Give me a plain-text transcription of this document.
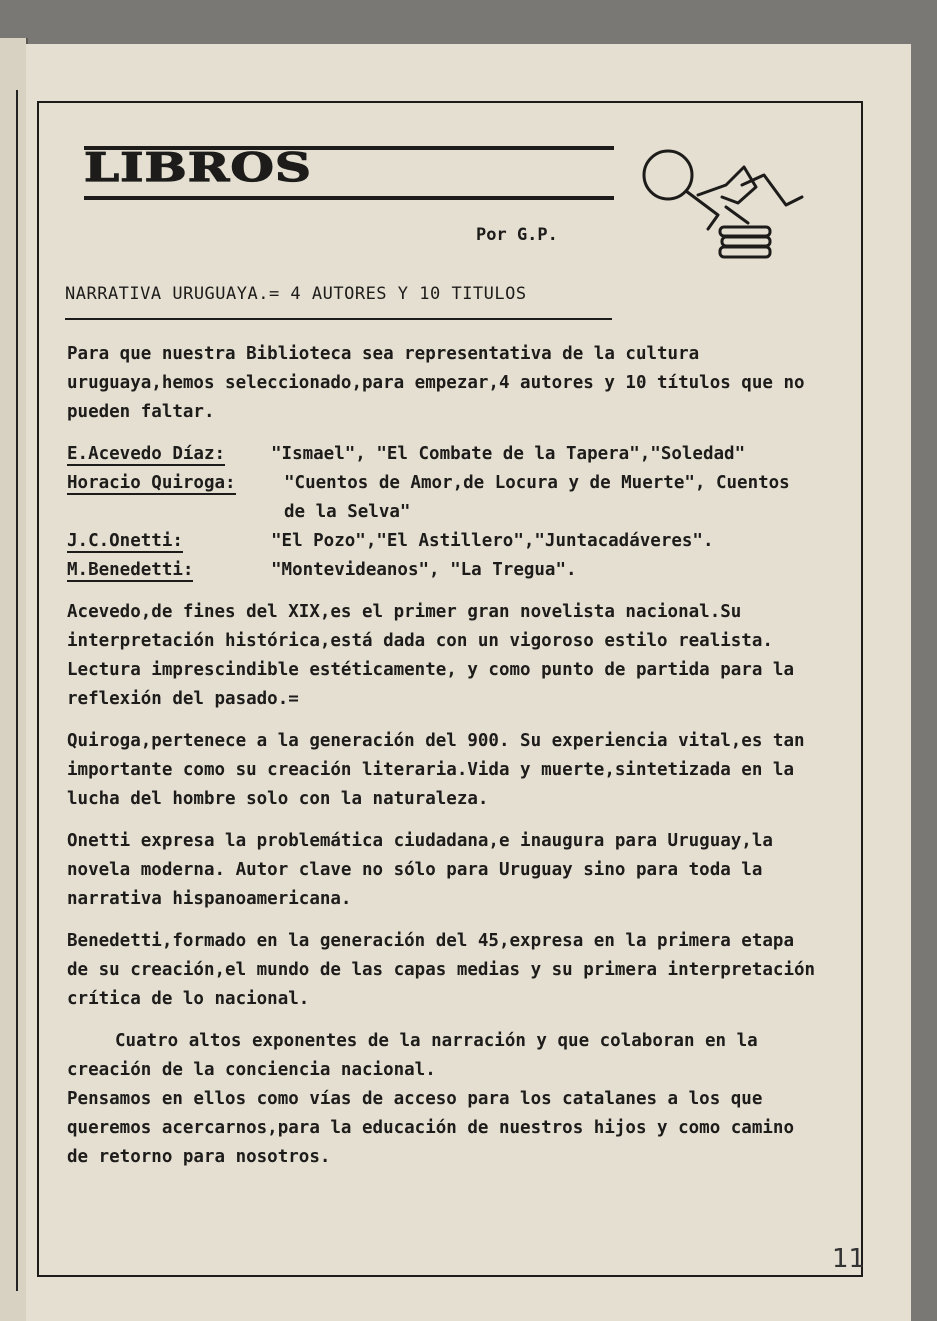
LIBROS
Por G.P.
NARRATIVA URUGUAYA.= 4 AUTORES Y 10 TITULOS

Para que nuestra Biblioteca sea representativa de la cultura uruguaya,hemos seleccionado,para empezar,4 autores y 10 títulos que no pueden faltar.

E.Acevedo Díaz:	"Ismael", "El Combate de la Tapera","Soledad"
Horacio Quiroga:	"Cuentos de Amor,de Locura y de Muerte", Cuentos de la Selva"
J.C.Onetti:	"El Pozo","El Astillero","Juntacadáveres".
M.Benedetti:	"Montevideanos", "La Tregua".

Acevedo,de fines del XIX,es el primer gran novelista nacional.Su interpretación histórica,está dada con un vigoroso estilo realista. Lectura imprescindible estéticamente, y como punto de partida para la reflexión del pasado.=

Quiroga,pertenece a la generación del 900. Su experiencia vital,es tan importante como su creación literaria.Vida y muerte,sintetizada en la lucha del hombre solo con la naturaleza.

Onetti expresa la problemática ciudadana,e inaugura para Uruguay,la novela moderna. Autor clave no sólo para Uruguay sino para toda la narrativa hispanoamericana.

Benedetti,formado en la generación del 45,expresa en la primera etapa de su creación,el mundo de las capas medias y su primera interpretación crítica de lo nacional.

Cuatro altos exponentes de la narración y que colaboran en la creación de la conciencia nacional.

Pensamos en ellos como vías de acceso para los catalanes a los que queremos acercarnos,para la educación de nuestros hijos y como camino de retorno para nosotros.

11
